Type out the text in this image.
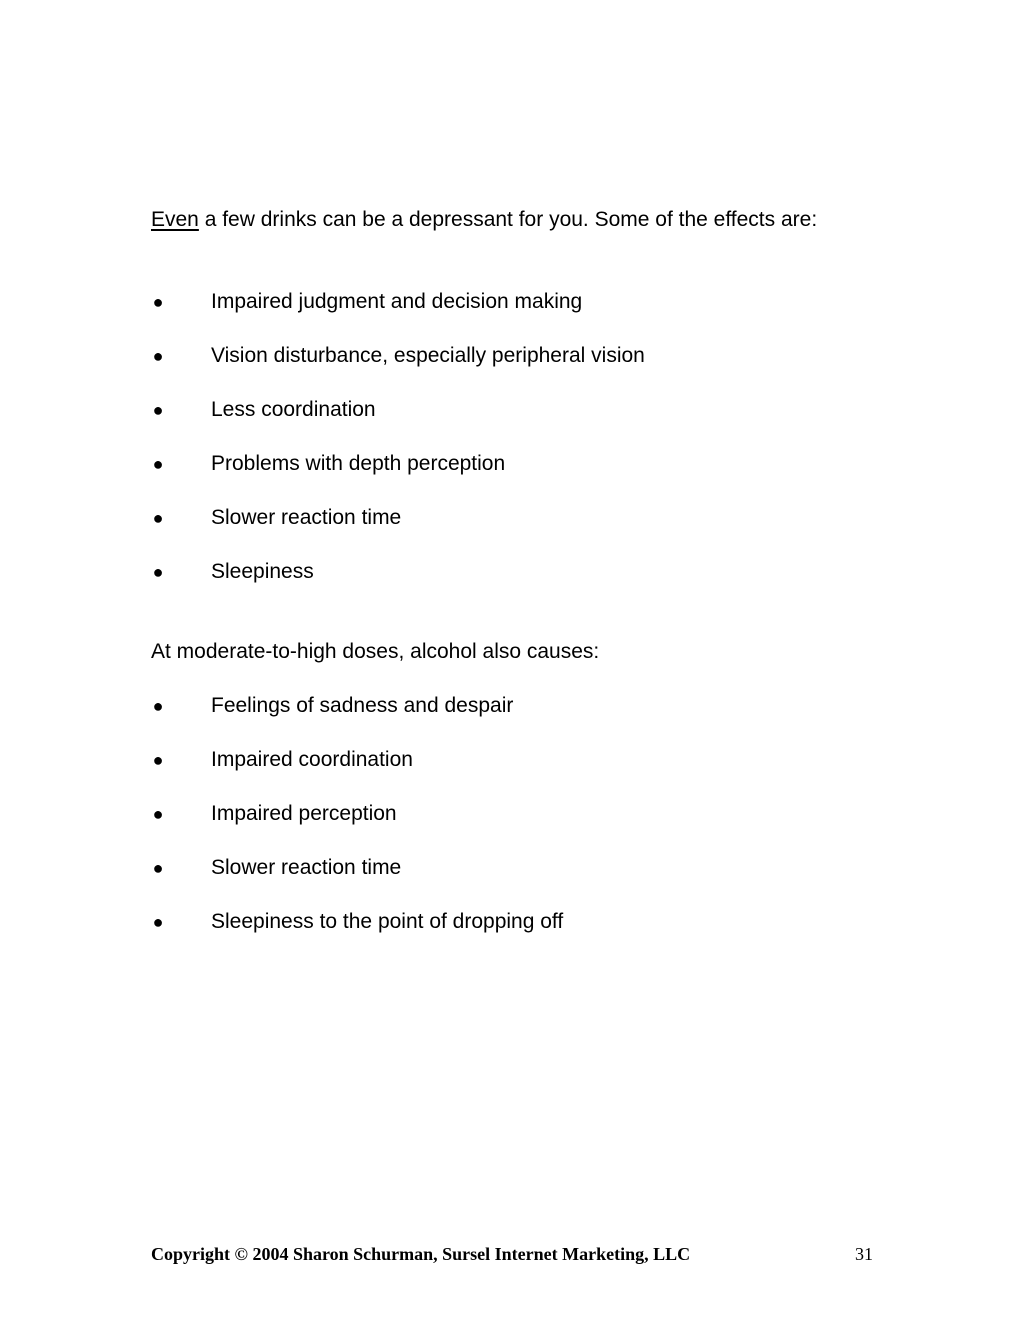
Even a few drinks can be a depressant for you. Some of the effects are:

● Impaired judgment and decision making
● Vision disturbance, especially peripheral vision
● Less coordination
● Problems with depth perception
● Slower reaction time
● Sleepiness

At moderate-to-high doses, alcohol also causes:

● Feelings of sadness and despair
● Impaired coordination
● Impaired perception
● Slower reaction time
● Sleepiness to the point of dropping off
Copyright © 2004 Sharon Schurman, Sursel Internet Marketing, LLC	31
